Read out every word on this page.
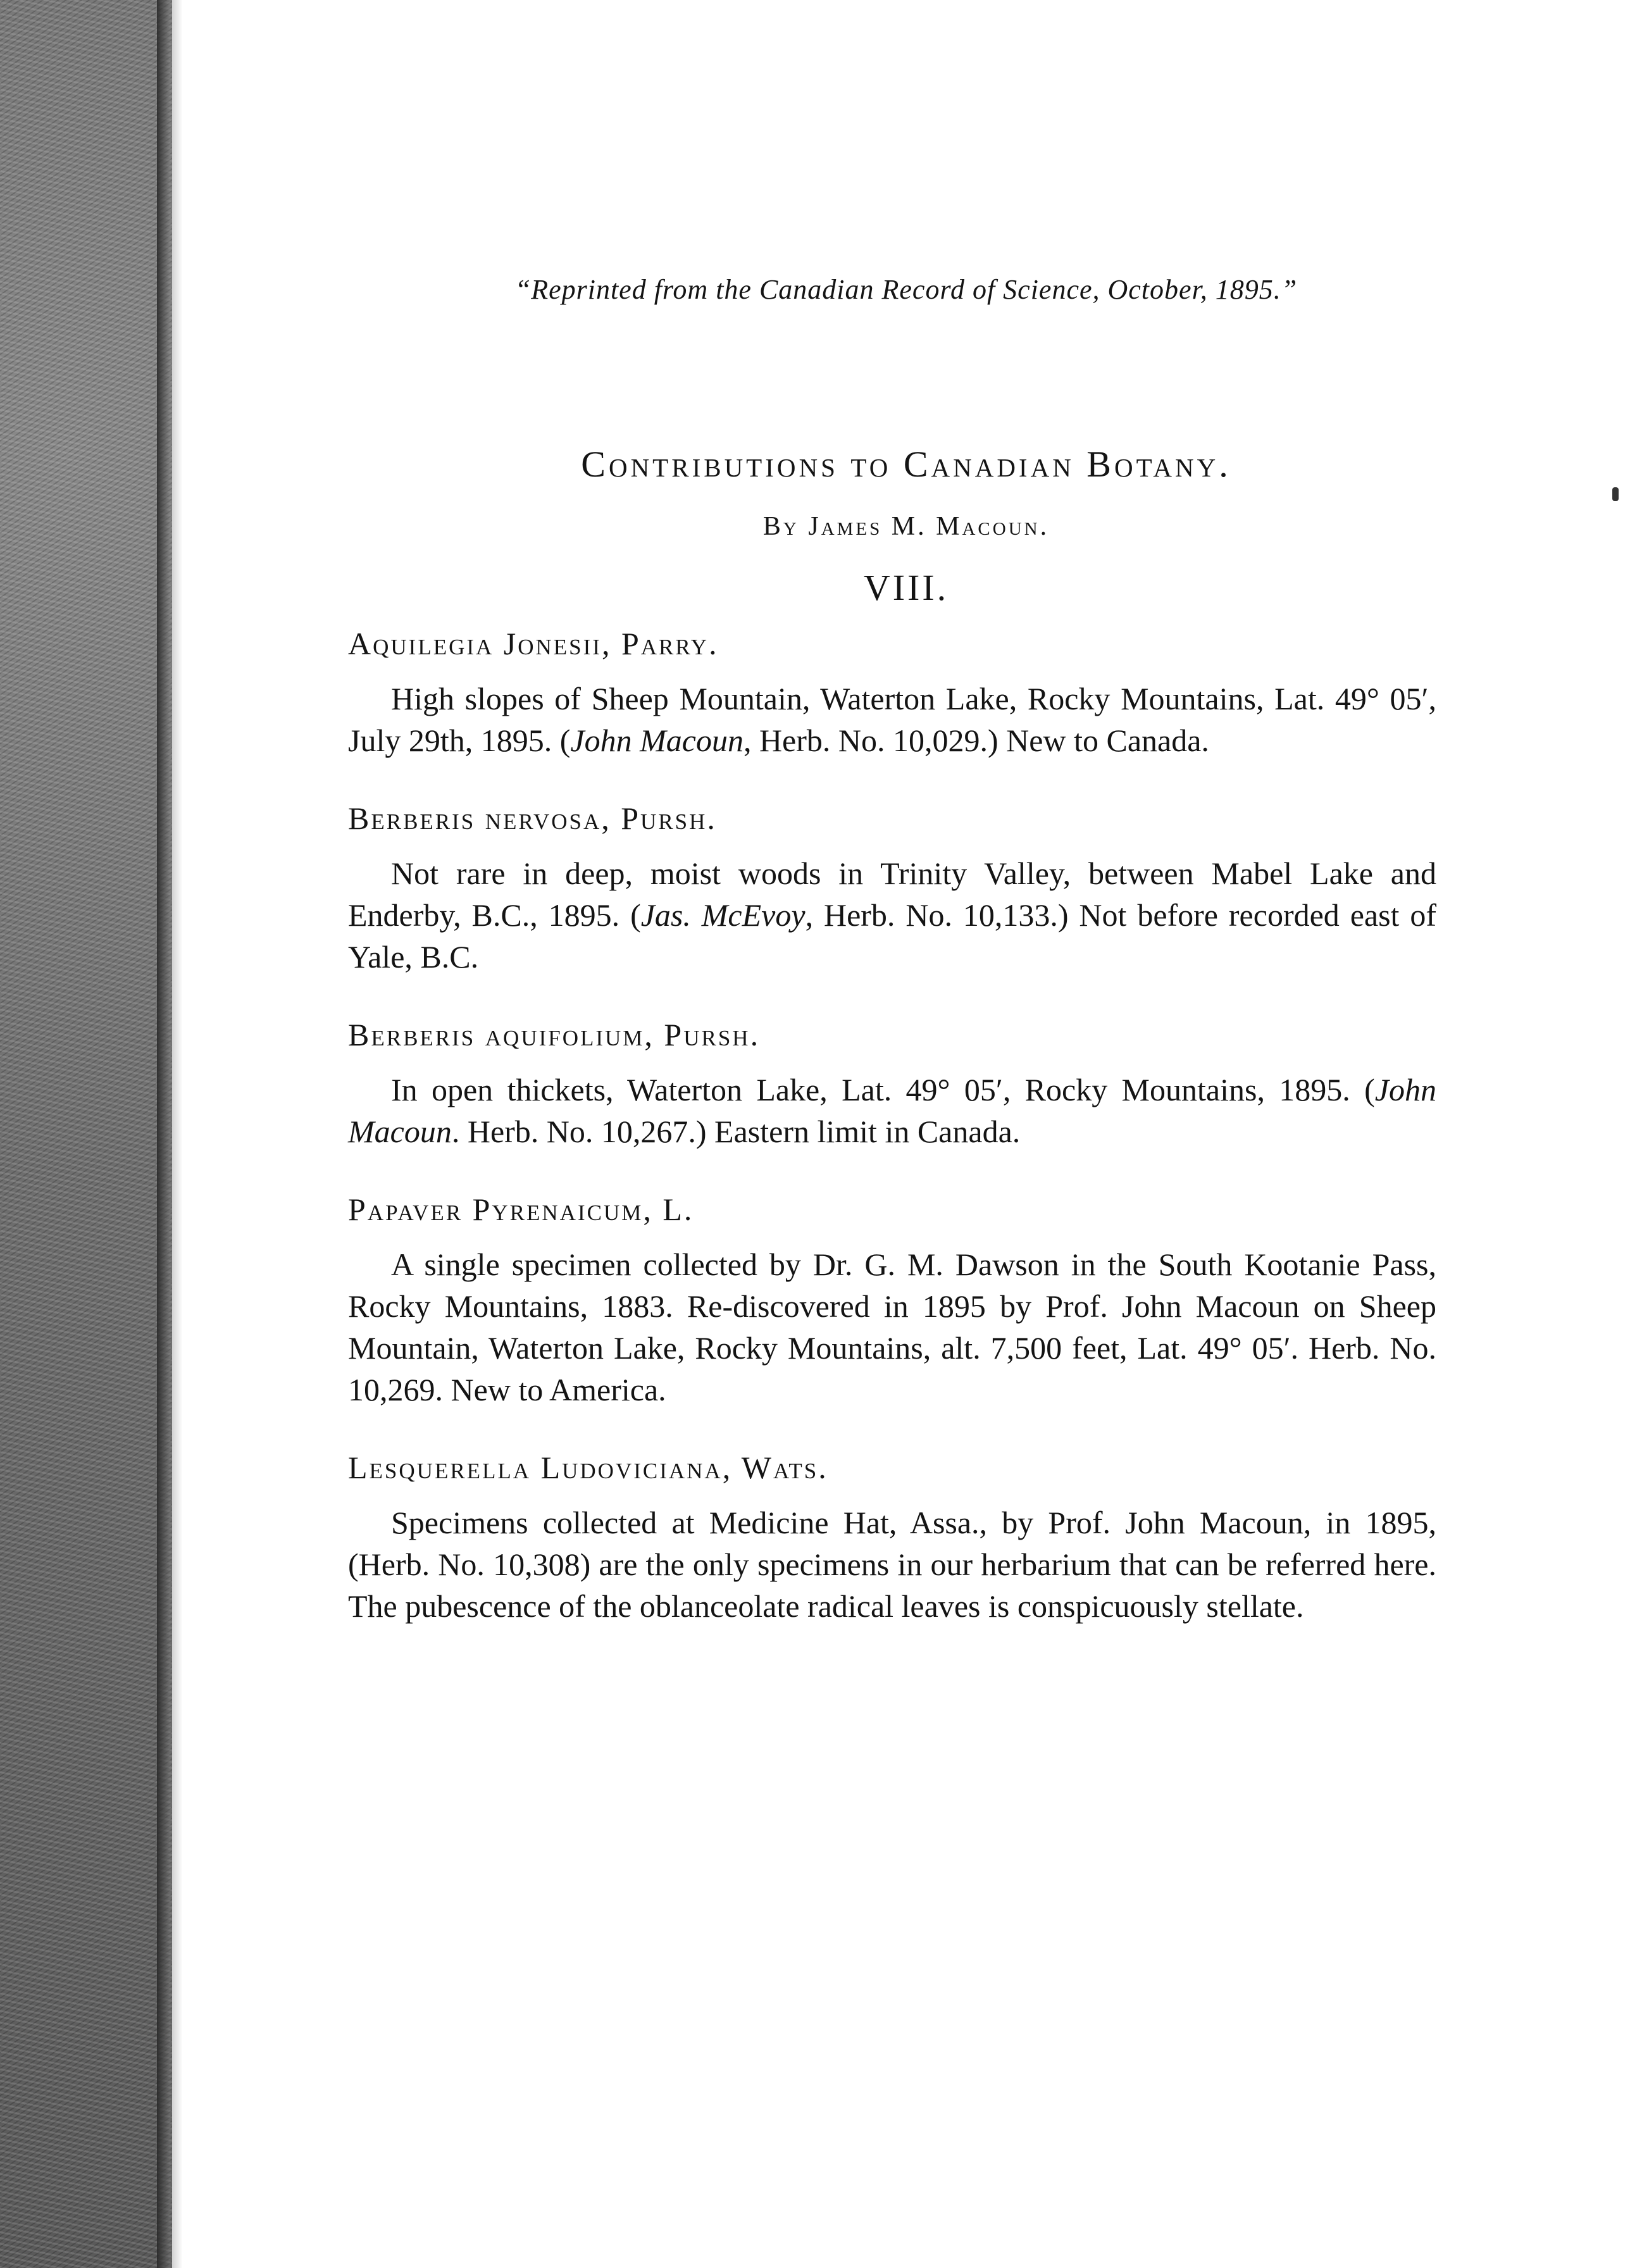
“Reprinted from the Canadian Record of Science, October, 1895.”
Contributions to Canadian Botany.
By James M. Macoun.
VIII.

Aquilegia Jonesii, Parry.

High slopes of Sheep Mountain, Waterton Lake, Rocky Mountains, Lat. 49° 05′, July 29th, 1895. (John Macoun, Herb. No. 10,029.) New to Canada.

Berberis nervosa, Pursh.

Not rare in deep, moist woods in Trinity Valley, between Mabel Lake and Enderby, B.C., 1895. (Jas. McEvoy, Herb. No. 10,133.) Not before recorded east of Yale, B.C.

Berberis aquifolium, Pursh.

In open thickets, Waterton Lake, Lat. 49° 05′, Rocky Mountains, 1895. (John Macoun. Herb. No. 10,267.) Eastern limit in Canada.

Papaver Pyrenaicum, L.

A single specimen collected by Dr. G. M. Dawson in the South Kootanie Pass, Rocky Mountains, 1883. Re-discovered in 1895 by Prof. John Macoun on Sheep Mountain, Waterton Lake, Rocky Mountains, alt. 7,500 feet, Lat. 49° 05′. Herb. No. 10,269. New to America.

Lesquerella Ludoviciana, Wats.

Specimens collected at Medicine Hat, Assa., by Prof. John Macoun, in 1895, (Herb. No. 10,308) are the only specimens in our herbarium that can be referred here. The pubescence of the oblanceolate radical leaves is conspicuously stellate.
